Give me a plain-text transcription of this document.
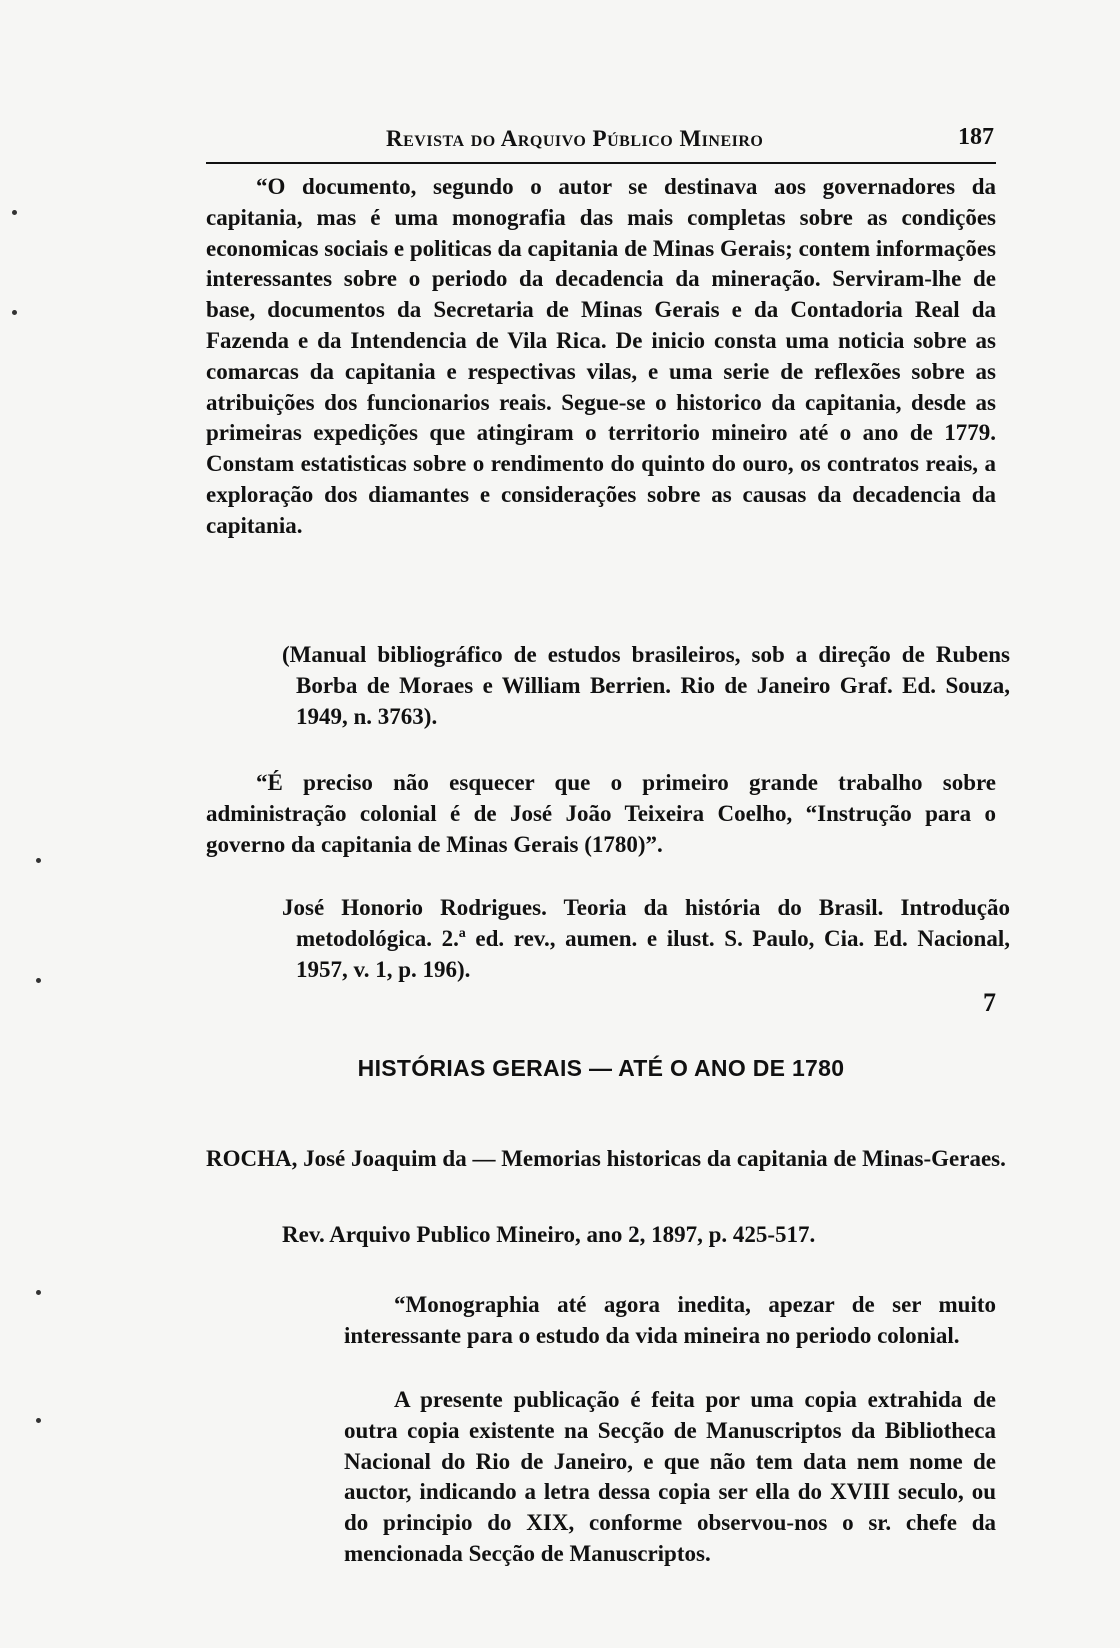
Revista do Arquivo Público Mineiro	187

“O documento, segundo o autor se destinava aos governadores da capitania, mas é uma monografia das mais completas sobre as condições economicas sociais e politicas da capitania de Minas Gerais; contem informações interessantes sobre o periodo da decadencia da mineração. Serviram-lhe de base, documentos da Secretaria de Minas Gerais e da Contadoria Real da Fazenda e da Intendencia de Vila Rica. De inicio consta uma noticia sobre as comarcas da capitania e respectivas vilas, e uma serie de reflexões sobre as atribuições dos funcionarios reais. Segue-se o historico da capitania, desde as primeiras expedições que atingiram o territorio mineiro até o ano de 1779. Constam estatisticas sobre o rendimento do quinto do ouro, os contratos reais, a exploração dos diamantes e considerações sobre as causas da decadencia da capitania.

(Manual bibliográfico de estudos brasileiros, sob a direção de Rubens Borba de Moraes e William Berrien. Rio de Janeiro Graf. Ed. Souza, 1949, n. 3763).

“É preciso não esquecer que o primeiro grande trabalho sobre administração colonial é de José João Teixeira Coelho, “Instrução para o governo da capitania de Minas Gerais (1780)”.

José Honorio Rodrigues. Teoria da história do Brasil. Introdução metodológica. 2.ª ed. rev., aumen. e ilust. S. Paulo, Cia. Ed. Nacional, 1957, v. 1, p. 196).

7
HISTÓRIAS GERAIS — ATÉ O ANO DE 1780

ROCHA, José Joaquim da — Memorias historicas da capitania de Minas-Geraes.

Rev. Arquivo Publico Mineiro, ano 2, 1897, p. 425-517.

“Monographia até agora inedita, apezar de ser muito interessante para o estudo da vida mineira no periodo colonial.

A presente publicação é feita por uma copia extrahida de outra copia existente na Secção de Manuscriptos da Bibliotheca Nacional do Rio de Janeiro, e que não tem data nem nome de auctor, indicando a letra dessa copia ser ella do XVIII seculo, ou do principio do XIX, conforme observou-nos o sr. chefe da mencionada Secção de Manuscriptos.
